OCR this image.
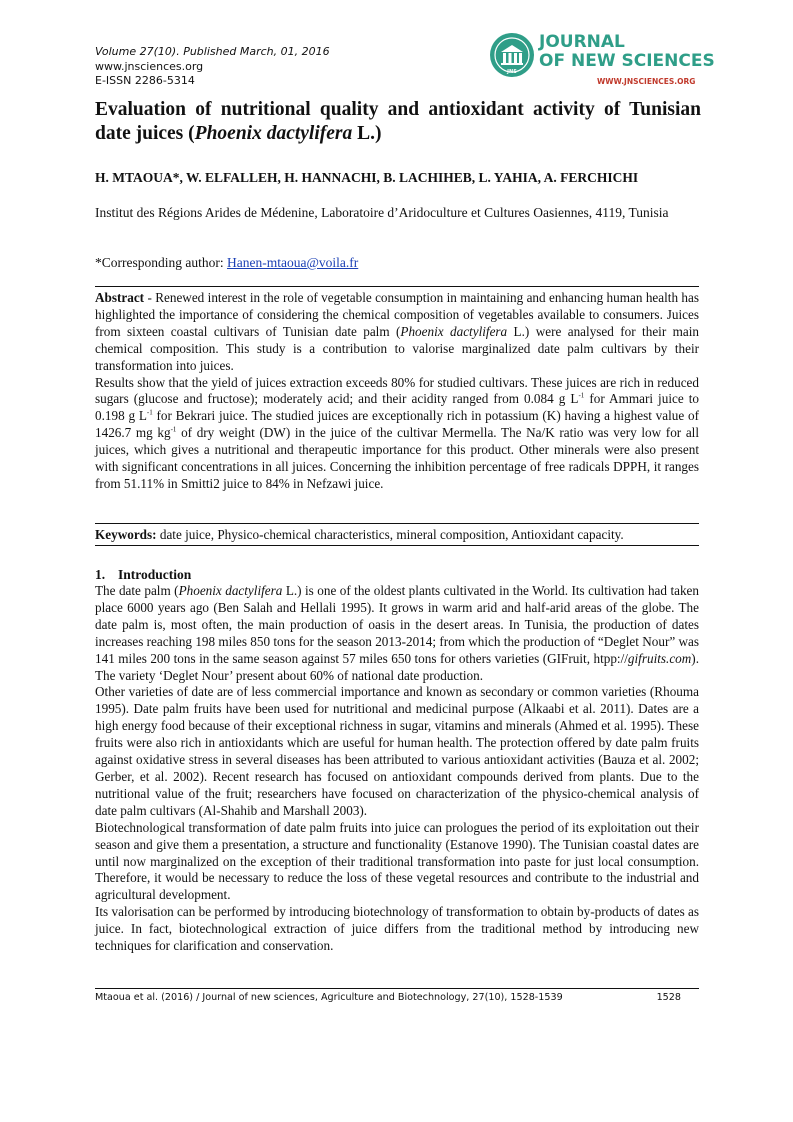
Volume 27(10). Published March, 01, 2016
www.jnsciences.org
E-ISSN 2286-5314
JNS
JOURNAL
OF NEW SCIENCES
WWW.JNSCIENCES.ORG
Evaluation of nutritional quality and antioxidant activity of Tunisian date juices (Phoenix dactylifera L.)
H. MTAOUA*, W. ELFALLEH, H. HANNACHI, B. LACHIHEB, L. YAHIA, A. FERCHICHI
Institut des Régions Arides de Médenine, Laboratoire d’Aridoculture et Cultures Oasiennes, 4119, Tunisia
*Corresponding author: Hanen-mtaoua@voila.fr

Abstract - Renewed interest in the role of vegetable consumption in maintaining and enhancing human health has highlighted the importance of considering the chemical composition of vegetables available to consumers. Juices from sixteen coastal cultivars of Tunisian date palm (Phoenix dactylifera L.) were analysed for their main chemical composition. This study is a contribution to valorise marginalized date palm cultivars by their transformation into juices.

Results show that the yield of juices extraction exceeds 80% for studied cultivars. These juices are rich in reduced sugars (glucose and fructose); moderately acid; and their acidity ranged from 0.084 g $L^{-1}$ for Ammari juice to 0.198 g $L^{-1}$ for Bekrari juice. The studied juices are exceptionally rich in potassium (K) having a highest value of 1426.7 mg $kg^{-1}$ of dry weight (DW) in the juice of the cultivar Mermella. The Na/K ratio was very low for all juices, which gives a nutritional and therapeutic importance for this product. Other minerals were also present with significant concentrations in all juices. Concerning the inhibition percentage of free radicals DPPH, it ranges from 51.11% in Smitti2 juice to 84% in Nefzawi juice.

Keywords: date juice, Physico-chemical characteristics, mineral composition, Antioxidant capacity.
1. Introduction

The date palm (Phoenix dactylifera L.) is one of the oldest plants cultivated in the World. Its cultivation had taken place 6000 years ago (Ben Salah and Hellali 1995). It grows in warm arid and half-arid areas of the globe. The date palm is, most often, the main production of oasis in the desert areas. In Tunisia, the production of dates increases reaching 198 miles 850 tons for the season 2013-2014; from which the production of “Deglet Nour” was 141 miles 200 tons in the same season against 57 miles 650 tons for others varieties (GIFruit, htpp://gifruits.com). The variety ‘Deglet Nour’ present about 60% of national date production.

Other varieties of date are of less commercial importance and known as secondary or common varieties (Rhouma 1995). Date palm fruits have been used for nutritional and medicinal purpose (Alkaabi et al. 2011). Dates are a high energy food because of their exceptional richness in sugar, vitamins and minerals (Ahmed et al. 1995). These fruits were also rich in antioxidants which are useful for human health. The protection offered by date palm fruits against oxidative stress in several diseases has been attributed to various antioxidant activities (Bauza et al. 2002; Gerber, et al. 2002). Recent research has focused on antioxidant compounds derived from plants. Due to the nutritional value of the fruit; researchers have focused on characterization of the physico-chemical analysis of date palm cultivars (Al-Shahib and Marshall 2003).

Biotechnological transformation of date palm fruits into juice can prologues the period of its exploitation out their season and give them a presentation, a structure and functionality (Estanove 1990). The Tunisian coastal dates are until now marginalized on the exception of their traditional transformation into paste for just local consumption. Therefore, it would be necessary to reduce the loss of these vegetal resources and contribute to the industrial and agricultural development.

Its valorisation can be performed by introducing biotechnology of transformation to obtain by-products of dates as juice. In fact, biotechnological extraction of juice differs from the traditional method by introducing new techniques for clarification and conservation.

Mtaoua et al. (2016) / Journal of new sciences, Agriculture and Biotechnology, 27(10), 1528-1539	1528
